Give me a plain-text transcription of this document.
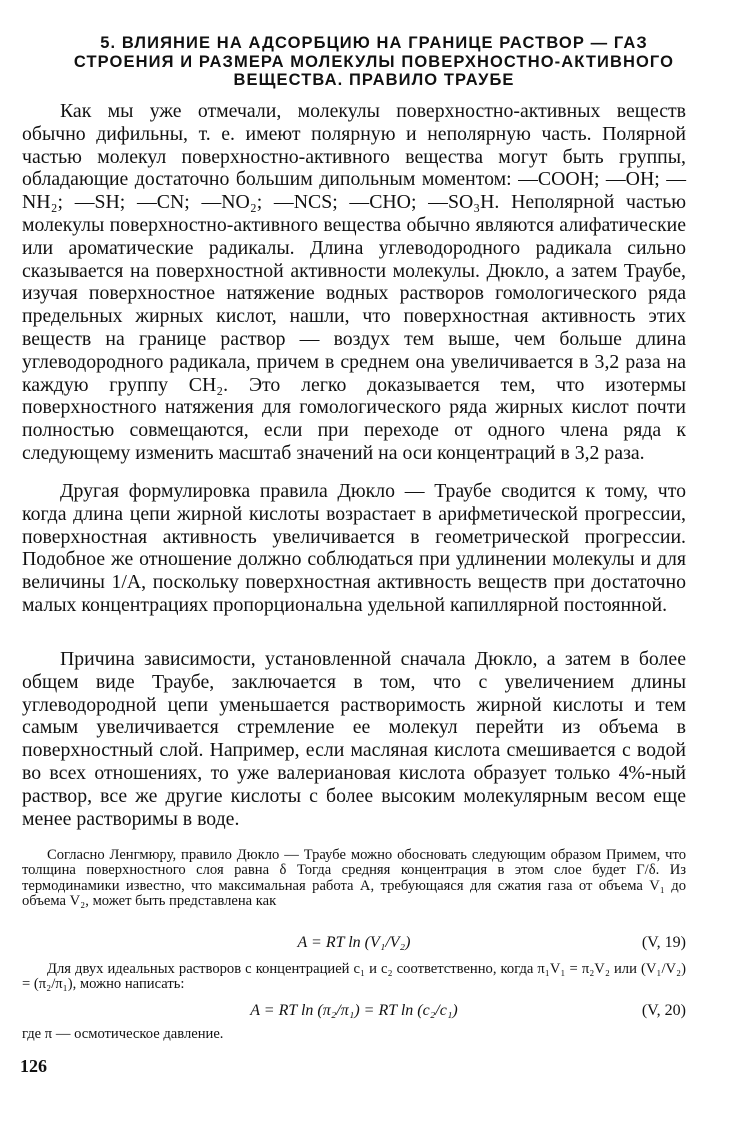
5. ВЛИЯНИЕ НА АДСОРБЦИЮ НА ГРАНИЦЕ РАСТВОР — ГАЗ
СТРОЕНИЯ И РАЗМЕРА МОЛЕКУЛЫ ПОВЕРХНОСТНО-АКТИВНОГО
ВЕЩЕСТВА. ПРАВИЛО ТРАУБЕ

Как мы уже отмечали, молекулы поверхностно-активных веществ обычно дифильны, т. е. имеют полярную и неполярную часть. Полярной частью молекул поверхностно-активного вещества могут быть группы, обладающие достаточно большим дипольным моментом: —COOH; —OH; —NH₂; —SH; —CN; —NO₂; —NCS; —CHO; —SO₃H. Неполярной частью молекулы поверхностно-активного вещества обычно являются алифатические или ароматические радикалы. Длина углеводородного радикала сильно сказывается на поверхностной активности молекулы. Дюкло, а затем Траубе, изучая поверхностное натяжение водных растворов гомологического ряда предельных жирных кислот, нашли, что поверхностная активность этих веществ на границе раствор — воздух тем выше, чем больше длина углеводородного радикала, причем в среднем она увеличивается в 3,2 раза на каждую группу CH₂. Это легко доказывается тем, что изотермы поверхностного натяжения для гомологического ряда жирных кислот почти полностью совмещаются, если при переходе от одного члена ряда к следующему изменить масштаб значений на оси концентраций в 3,2 раза.

Другая формулировка правила Дюкло — Траубе сводится к тому, что когда длина цепи жирной кислоты возрастает в арифметической прогрессии, поверхностная активность увеличивается в геометрической прогрессии. Подобное же отношение должно соблюдаться при удлинении молекулы и для величины 1/A, поскольку поверхностная активность веществ при достаточно малых концентрациях пропорциональна удельной капиллярной постоянной.

Причина зависимости, установленной сначала Дюкло, а затем в более общем виде Траубе, заключается в том, что с увеличением длины углеводородной цепи уменьшается растворимость жирной кислоты и тем самым увеличивается стремление ее молекул перейти из объема в поверхностный слой. Например, если масляная кислота смешивается с водой во всех отношениях, то уже валериановая кислота образует только 4%-ный раствор, все же другие кислоты с более высоким молекулярным весом еще менее растворимы в воде.

Согласно Ленгмюру, правило Дюкло — Траубе можно обосновать следующим образом Примем, что толщина поверхностного слоя равна δ Тогда средняя концентрация в этом слое будет Г/δ. Из термодинамики известно, что максимальная работа A, требующаяся для сжатия газа от объема V₁ до объема V₂, может быть представлена как

A = RT ln (V₁/V₂)	(V, 19)

Для двух идеальных растворов с концентрацией c₁ и c₂ соответственно, когда π₁V₁ = π₂V₂ или (V₁/V₂) = (π₂/π₁), можно написать:

A = RT ln (π₂/π₁) = RT ln (c₂/c₁)	(V, 20)
где π — осмотическое давление.
126
